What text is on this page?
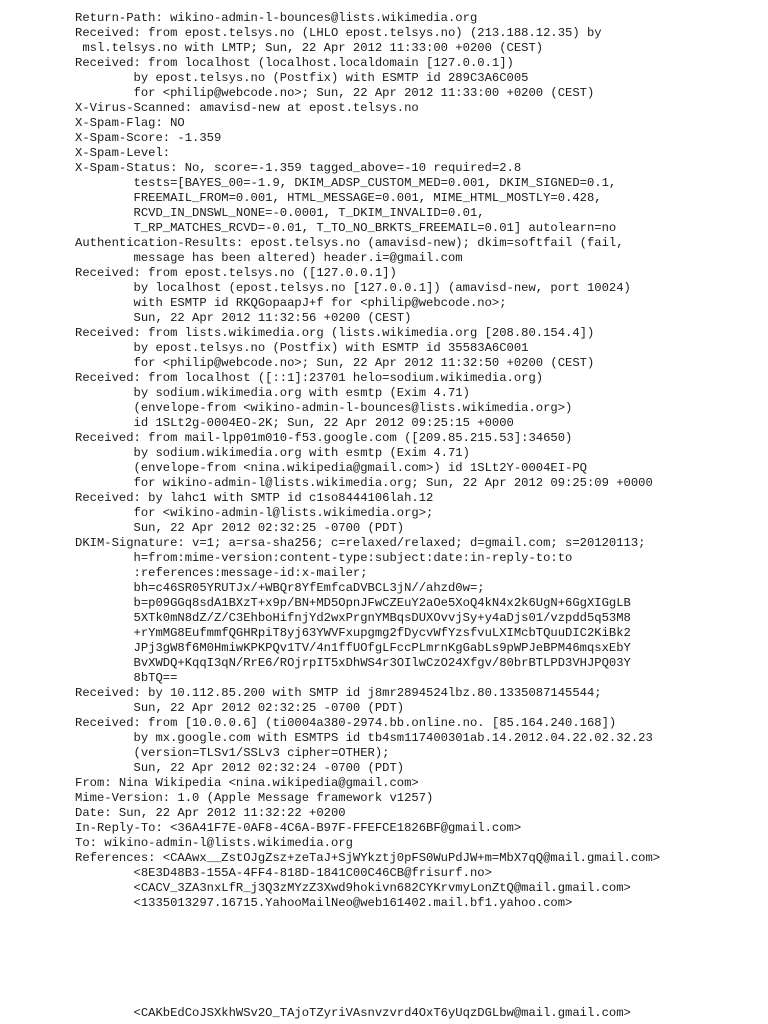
Return-Path: wikino-admin-l-bounces@lists.wikimedia.org
Received: from epost.telsys.no (LHLO epost.telsys.no) (213.188.12.35) by
msl.telsys.no with LMTP; Sun, 22 Apr 2012 11:33:00 +0200 (CEST)
Received: from localhost (localhost.localdomain [127.0.0.1])
by epost.telsys.no (Postfix) with ESMTP id 289C3A6C005
for <philip@webcode.no>; Sun, 22 Apr 2012 11:33:00 +0200 (CEST)
X-Virus-Scanned: amavisd-new at epost.telsys.no
X-Spam-Flag: NO
X-Spam-Score: -1.359
X-Spam-Level:
X-Spam-Status: No, score=-1.359 tagged_above=-10 required=2.8
tests=[BAYES_00=-1.9, DKIM_ADSP_CUSTOM_MED=0.001, DKIM_SIGNED=0.1,
FREEMAIL_FROM=0.001, HTML_MESSAGE=0.001, MIME_HTML_MOSTLY=0.428,
RCVD_IN_DNSWL_NONE=-0.0001, T_DKIM_INVALID=0.01,
T_RP_MATCHES_RCVD=-0.01, T_TO_NO_BRKTS_FREEMAIL=0.01] autolearn=no
Authentication-Results: epost.telsys.no (amavisd-new); dkim=softfail (fail,
message has been altered) header.i=@gmail.com
Received: from epost.telsys.no ([127.0.0.1])
by localhost (epost.telsys.no [127.0.0.1]) (amavisd-new, port 10024)
with ESMTP id RKQGopaapJ+f for <philip@webcode.no>;
Sun, 22 Apr 2012 11:32:56 +0200 (CEST)
Received: from lists.wikimedia.org (lists.wikimedia.org [208.80.154.4])
by epost.telsys.no (Postfix) with ESMTP id 35583A6C001
for <philip@webcode.no>; Sun, 22 Apr 2012 11:32:50 +0200 (CEST)
Received: from localhost ([::1]:23701 helo=sodium.wikimedia.org)
by sodium.wikimedia.org with esmtp (Exim 4.71)
(envelope-from <wikino-admin-l-bounces@lists.wikimedia.org>)
id 1SLt2g-0004EO-2K; Sun, 22 Apr 2012 09:25:15 +0000
Received: from mail-lpp01m010-f53.google.com ([209.85.215.53]:34650)
by sodium.wikimedia.org with esmtp (Exim 4.71)
(envelope-from <nina.wikipedia@gmail.com>) id 1SLt2Y-0004EI-PQ
for wikino-admin-l@lists.wikimedia.org; Sun, 22 Apr 2012 09:25:09 +0000
Received: by lahc1 with SMTP id c1so8444106lah.12
for <wikino-admin-l@lists.wikimedia.org>;
Sun, 22 Apr 2012 02:32:25 -0700 (PDT)
DKIM-Signature: v=1; a=rsa-sha256; c=relaxed/relaxed; d=gmail.com; s=20120113;
h=from:mime-version:content-type:subject:date:in-reply-to:to
:references:message-id:x-mailer;
bh=c46SR05YRUTJx/+WBQr8YfEmfcaDVBCL3jN//ahzd0w=;
b=p09GGq8sdA1BXzT+x9p/BN+MD5OpnJFwCZEuY2aOe5XoQ4kN4x2k6UgN+6GgXIGgLB
5XTk0mN8dZ/Z/C3EhboHifnjYd2wxPrgnYMBqsDUXOvvjSy+y4aDjs01/vzpdd5q53M8
+rYmMG8EufmmfQGHRpiT8yj63YWVFxupgmg2fDycvWfYzsfvuLXIMcbTQuuDIC2KiBk2
JPj3gW8f6M0HmiwKPKPQv1TV/4n1ffUOfgLFccPLmrnKgGabLs9pWPJeBPM46mqsxEbY
BvXWDQ+KqqI3qN/RrE6/ROjrpIT5xDhWS4r3OIlwCzO24Xfgv/80brBTLPD3VHJPQ03Y
8bTQ==
Received: by 10.112.85.200 with SMTP id j8mr2894524lbz.80.1335087145544;
Sun, 22 Apr 2012 02:32:25 -0700 (PDT)
Received: from [10.0.0.6] (ti0004a380-2974.bb.online.no. [85.164.240.168])
by mx.google.com with ESMTPS id tb4sm117400301ab.14.2012.04.22.02.32.23
(version=TLSv1/SSLv3 cipher=OTHER);
Sun, 22 Apr 2012 02:32:24 -0700 (PDT)
From: Nina Wikipedia <nina.wikipedia@gmail.com>
Mime-Version: 1.0 (Apple Message framework v1257)
Date: Sun, 22 Apr 2012 11:32:22 +0200
In-Reply-To: <36A41F7E-0AF8-4C6A-B97F-FFEFCE1826BF@gmail.com>
To: wikino-admin-l@lists.wikimedia.org
References: <CAAwx__ZstOJgZsz+zeTaJ+SjWYkztj0pFS0WuPdJW+m=MbX7qQ@mail.gmail.com>
<8E3D48B3-155A-4FF4-818D-1841C00C46CB@frisurf.no>
<CACV_3ZA3nxLfR_j3Q3zMYzZ3Xwd9hokivn682CYKrvmyLonZtQ@mail.gmail.com>
<1335013297.16715.YahooMailNeo@web161402.mail.bf1.yahoo.com>
<CAKbEdCoJSXkhWSv2O_TAjoTZyriVAsnvzvrd4OxT6yUqzDGLbw@mail.gmail.com>
